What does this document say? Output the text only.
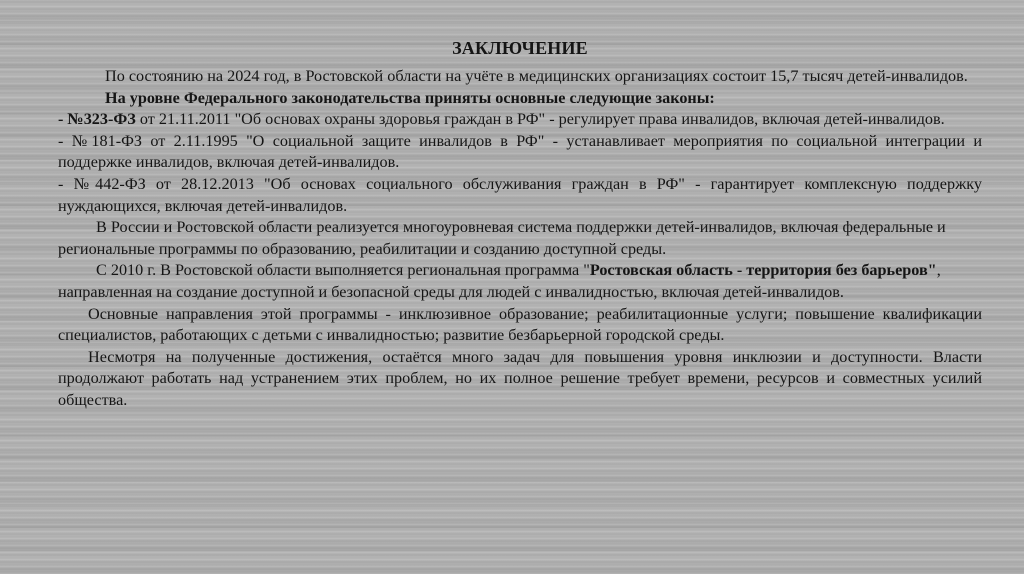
ЗАКЛЮЧЕНИЕ

По состоянию на 2024 год, в Ростовской области на учёте в медицинских организациях состоит 15,7 тысяч детей-инвалидов.

На уровне Федерального законодательства приняты основные следующие законы:

- №323-ФЗ от 21.11.2011 "Об основах охраны здоровья граждан в РФ" - регулирует права инвалидов, включая детей-инвалидов.

- №181-ФЗ от 2.11.1995 "О социальной защите инвалидов в РФ" - устанавливает мероприятия по социальной интеграции и поддержке инвалидов, включая детей-инвалидов.

- №442-ФЗ от 28.12.2013 "Об основах социального обслуживания граждан в РФ" - гарантирует комплексную поддержку нуждающихся, включая детей-инвалидов.

В России и Ростовской области реализуется многоуровневая система поддержки детей-инвалидов, включая федеральные и региональные программы по образованию, реабилитации и созданию доступной среды.

С 2010 г. В Ростовской области выполняется региональная программа "Ростовская область - территория без барьеров", направленная на создание доступной и безопасной среды для людей с инвалидностью, включая детей-инвалидов.

Основные направления этой программы - инклюзивное образование; реабилитационные услуги; повышение квалификации специалистов, работающих с детьми с инвалидностью; развитие безбарьерной городской среды.

Несмотря на полученные достижения, остаётся много задач для повышения уровня инклюзии и доступности. Власти продолжают работать над устранением этих проблем, но их полное решение требует времени, ресурсов и совместных усилий общества.
